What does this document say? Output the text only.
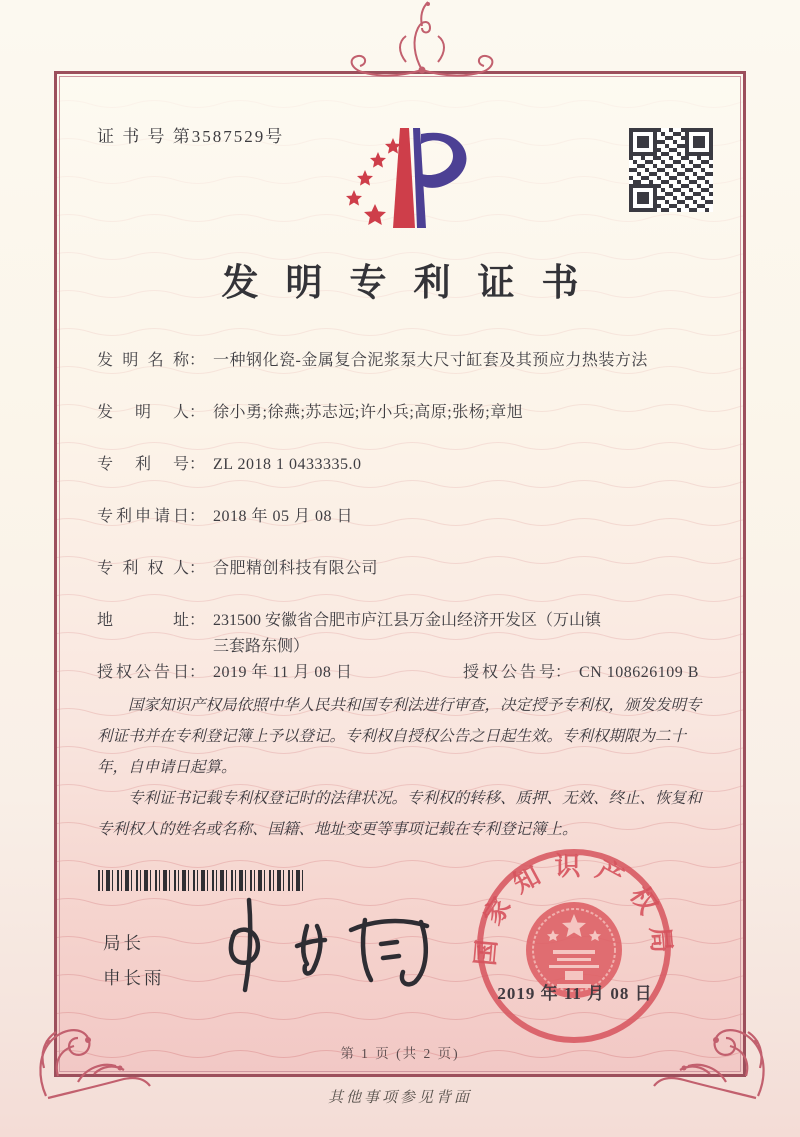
证 书 号 第3587529号
发明专利证书
发明名称： 一种钢化瓷-金属复合泥浆泵大尺寸缸套及其预应力热装方法
发明人： 徐小勇;徐燕;苏志远;许小兵;高原;张杨;章旭
专利号： ZL 2018 1 0433335.0
专利申请日： 2018 年 05 月 08 日
专利权人： 合肥精创科技有限公司
地址： 231500 安徽省合肥市庐江县万金山经济开发区（万山镇
三套路东侧）
授权公告日： 2019 年 11 月 08 日	授权公告号： CN 108626109 B

国家知识产权局依照中华人民共和国专利法进行审查，决定授予专利权，颁发发明专利证书并在专利登记簿上予以登记。专利权自授权公告之日起生效。专利权期限为二十年，自申请日起算。

专利证书记载专利权登记时的法律状况。专利权的转移、质押、无效、终止、恢复和专利权人的姓名或名称、国籍、地址变更等事项记载在专利登记簿上。

局长
申长雨
国家知识产权局
2019 年 11 月 08 日
第 1 页 (共 2 页)
其他事项参见背面
